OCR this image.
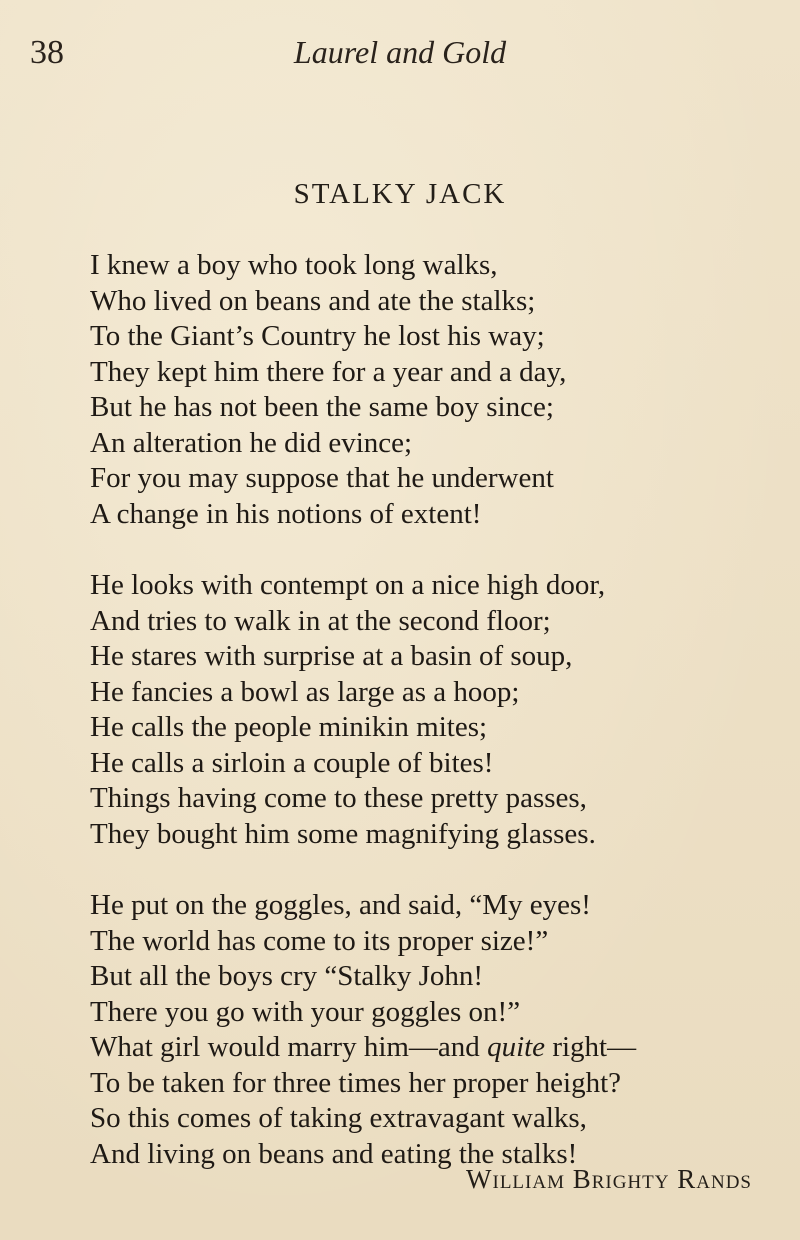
38	Laurel and Gold
STALKY JACK
I knew a boy who took long walks,
Who lived on beans and ate the stalks;
To the Giant’s Country he lost his way;
They kept him there for a year and a day,
But he has not been the same boy since;
An alteration he did evince;
For you may suppose that he underwent
A change in his notions of extent!
He looks with contempt on a nice high door,
And tries to walk in at the second floor;
He stares with surprise at a basin of soup,
He fancies a bowl as large as a hoop;
He calls the people minikin mites;
He calls a sirloin a couple of bites!
Things having come to these pretty passes,
They bought him some magnifying glasses.
He put on the goggles, and said, “My eyes!
The world has come to its proper size!”
But all the boys cry “Stalky John!
There you go with your goggles on!”
What girl would marry him—and quite right—
To be taken for three times her proper height?
So this comes of taking extravagant walks,
And living on beans and eating the stalks!
William Brighty Rands
